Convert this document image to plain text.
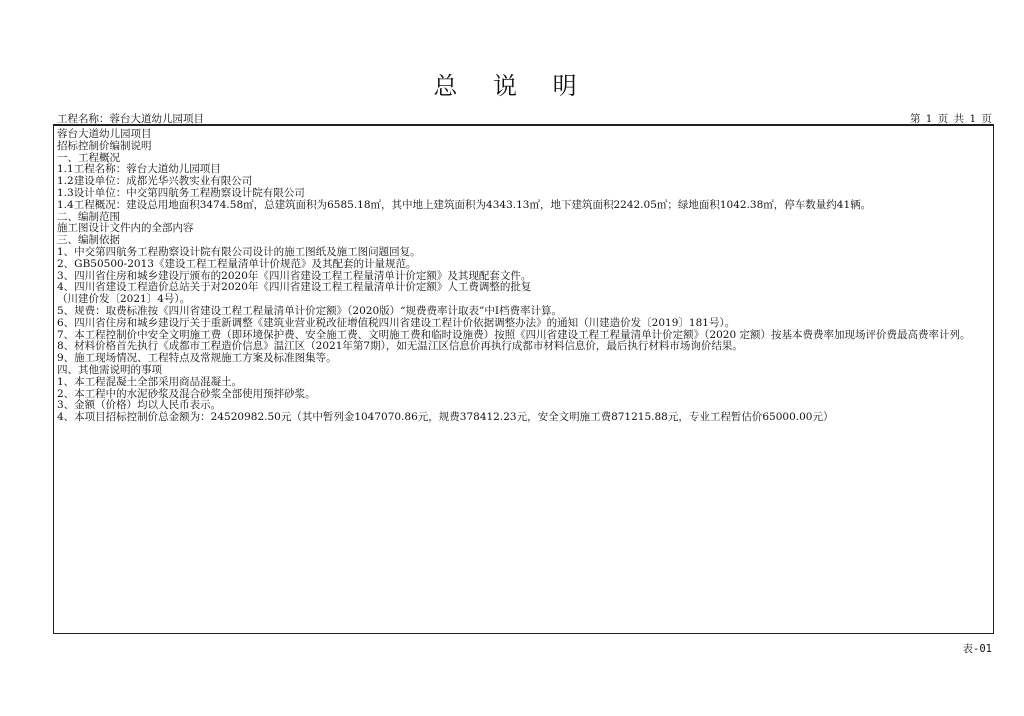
总 说 明
工程名称：蓉台大道幼儿园项目	第 1 页 共 1 页
蓉台大道幼儿园项目
招标控制价编制说明
一、工程概况
1.1工程名称：蓉台大道幼儿园项目
1.2建设单位：成都光华兴教实业有限公司
1.3设计单位：中交第四航务工程勘察设计院有限公司
1.4工程概况：建设总用地面积3474.58㎡，总建筑面积为6585.18㎡，其中地上建筑面积为4343.13㎡，地下建筑面积2242.05㎡；绿地面积1042.38㎡，停车数量约41辆。
二、编制范围
施工图设计文件内的全部内容
三、编制依据
1、中交第四航务工程勘察设计院有限公司设计的施工图纸及施工图问题回复。
2、GB50500-2013《建设工程工程量清单计价规范》及其配套的计量规范。
3、四川省住房和城乡建设厅颁布的2020年《四川省建设工程工程量清单计价定额》及其现配套文件。
4、四川省建设工程造价总站关于对2020年《四川省建设工程工程量清单计价定额》人工费调整的批复
（川建价发〔2021〕4号）。
5、规费：取费标准按《四川省建设工程工程量清单计价定额》（2020版）“规费费率计取表”中Ⅰ档费率计算。
6、四川省住房和城乡建设厅关于重新调整《建筑业营业税改征增值税四川省建设工程计价依据调整办法》的通知（川建造价发〔2019〕181号）。
7、本工程控制价中安全文明施工费（即环境保护费、安全施工费、文明施工费和临时设施费）按照《四川省建设工程工程量清单计价定额》（2020 定额）按基本费费率加现场评价费最高费率计列。
8、材料价格首先执行《成都市工程造价信息》温江区（2021年第7期），如无温江区信息价再执行成都市材料信息价，最后执行材料市场询价结果。
9、施工现场情况、工程特点及常规施工方案及标准图集等。
四、其他需说明的事项
1、本工程混凝土全部采用商品混凝土。
2、本工程中的水泥砂浆及混合砂浆全部使用预拌砂浆。
3、金额（价格）均以人民币表示。
4、本项目招标控制价总金额为：24520982.50元（其中暂列金1047070.86元，规费378412.23元，安全文明施工费871215.88元，专业工程暂估价65000.00元）
表-01
